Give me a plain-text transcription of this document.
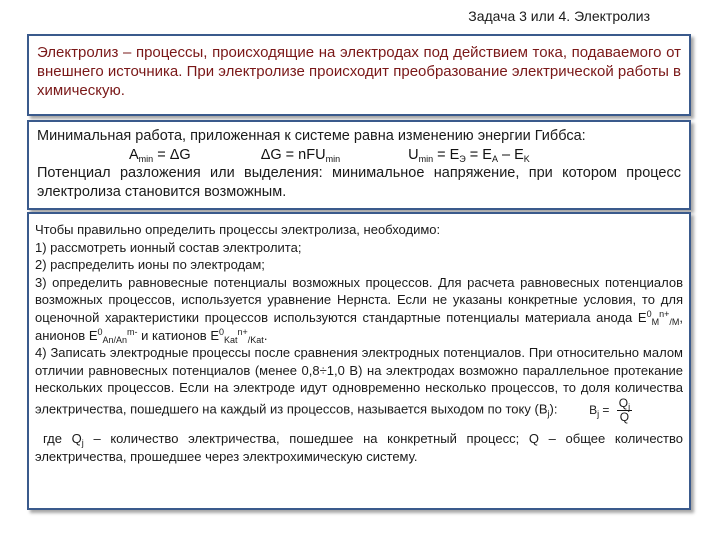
Задача 3 или 4. Электролиз

Электролиз – процессы, происходящие на электродах под действием тока, подаваемого от внешнего источника. При электролизе происходит преобразование электрической работы в химическую.

Минимальная работа, приложенная к системе равна изменению энергии Гиббса:

$A_{min} = \Delta G$	ΔG = nFU$_{min}$	$U_{min} = E_Э = E_A - E_K$

Потенциал разложения или выделения: минимальное напряжение, при котором процесс электролиза становится возможным.

Чтобы правильно определить процессы электролиза, необходимо:

1) рассмотреть ионный состав электролита;

2) распределить ионы по электродам;

3) определить равновесные потенциалы возможных процессов. Для расчета равновесных потенциалов возможных процессов, используется уравнение Нернста. Если не указаны конкретные условия, то для оценочной характеристики процессов используются стандартные потенциалы материала анода $E^0_M^{n+}_{/M}$, анионов $E^0_{An/An}^{m-}$ и катионов $E^0_{Kat}^{n+}_{/Kat}$.

4) Записать электродные процессы после сравнения электродных потенциалов. При относительно малом отличии равновесных потенциалов (менее 0,8÷1,0 В) на электродах возможно параллельное протекание нескольких процессов. Если на электроде идут одновременно несколько процессов, то доля количества электричества, пошедшего на каждый из процессов, называется выходом по току $(B_j)$:	$B_j = \frac{Q_j}{Q}$

где $Q_j$ – количество электричества, пошедшее на конкретный процесс; Q – общее количество электричества, прошедшее через электрохимическую систему.
